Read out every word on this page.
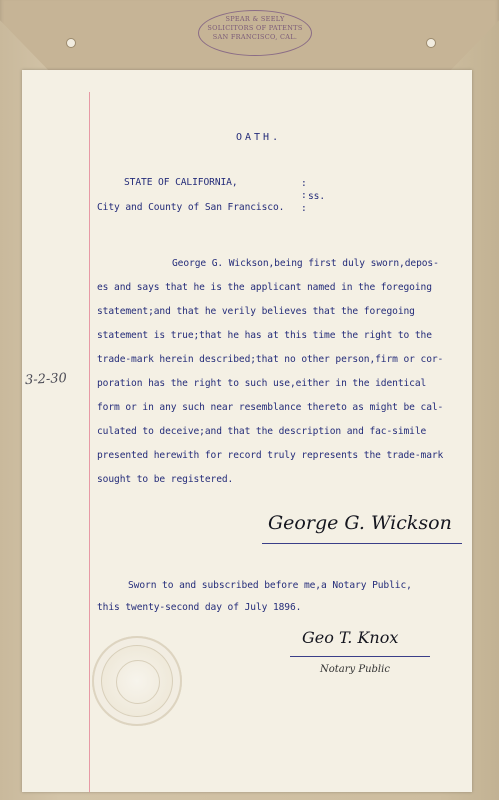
SPEAR & SEELY
SOLICITORS OF PATENTS
SAN FRANCISCO, CAL.
OATH.
STATE OF CALIFORNIA,
City and County of San Francisco.
:
:
:
ss.
George G. Wickson,being first duly sworn,depos-
es and says that he is the applicant named in the foregoing
statement;and that he verily believes that the foregoing
statement is true;that he has at this time the right to the
trade-mark herein described;that no other person,firm or cor-
poration has the right to such use,either in the identical
form or in any such near resemblance thereto as might be cal-
culated to deceive;and that the description and fac-simile
presented herewith for record truly represents the trade-mark
sought to be registered.
3-2-30
George G. Wickson
Sworn to and subscribed before me,a Notary Public,
this twenty-second day of July 1896.
Geo T. Knox
Notary Public
